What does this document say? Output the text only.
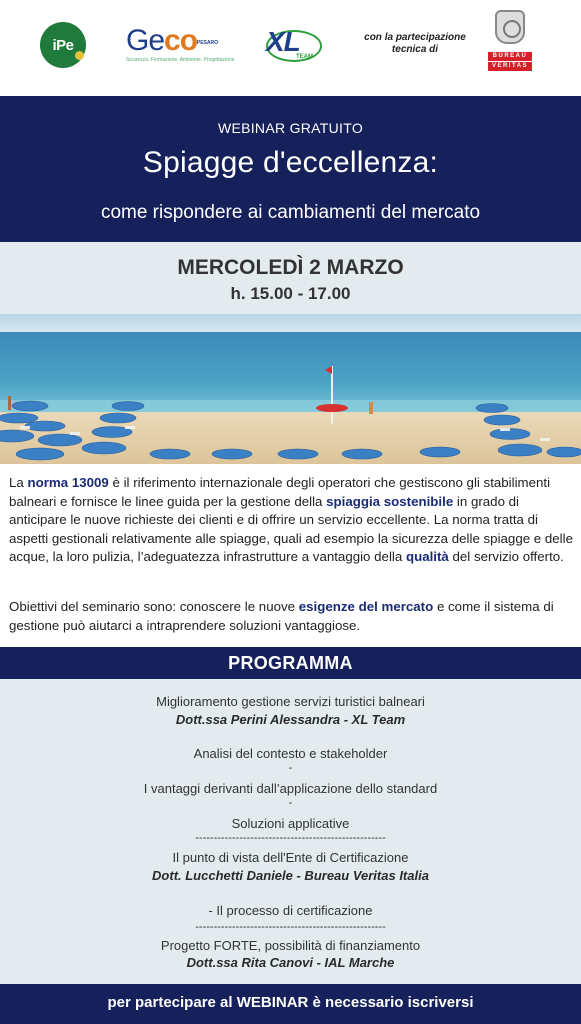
iPe Geco PESARO
Sicurezza. Formazione. Ambiente. Progettazione
XL
TEAM
con la partecipazione
tecnica di
BUREAU
VERITAS
WEBINAR GRATUITO
Spiagge d'eccellenza:
come rispondere ai cambiamenti del mercato
MERCOLEDÌ 2 MARZO
h. 15.00 - 17.00
La norma 13009 è il riferimento internazionale degli operatori che gestiscono gli stabilimenti balneari e fornisce le linee guida per la gestione della spiaggia sostenibile in grado di anticipare le nuove richieste dei clienti e di offrire un servizio eccellente. La norma tratta di aspetti gestionali relativamente alle spiagge, quali ad esempio la sicurezza delle spiagge e delle acque, la loro pulizia, l’adeguatezza infrastrutture a vantaggio della qualità del servizio offerto.
Obiettivi del seminario sono: conoscere le nuove esigenze del mercato e come il sistema di gestione può aiutarci a intraprendere soluzioni vantaggiose.
PROGRAMMA
Miglioramento gestione servizi turistici balneari
Dott.ssa Perini Alessandra - XL Team
Analisi del contesto e stakeholder
-
I vantaggi derivanti dall’applicazione dello standard
-
Soluzioni applicative
----------------------------------------------------
Il punto di vista dell'Ente di Certificazione
Dott. Lucchetti Daniele - Bureau Veritas Italia
- Il processo di certificazione
----------------------------------------------------
Progetto FORTE, possibilità di finanziamento
Dott.ssa Rita Canovi - IAL Marche
per partecipare al WEBINAR è necessario iscriversi
